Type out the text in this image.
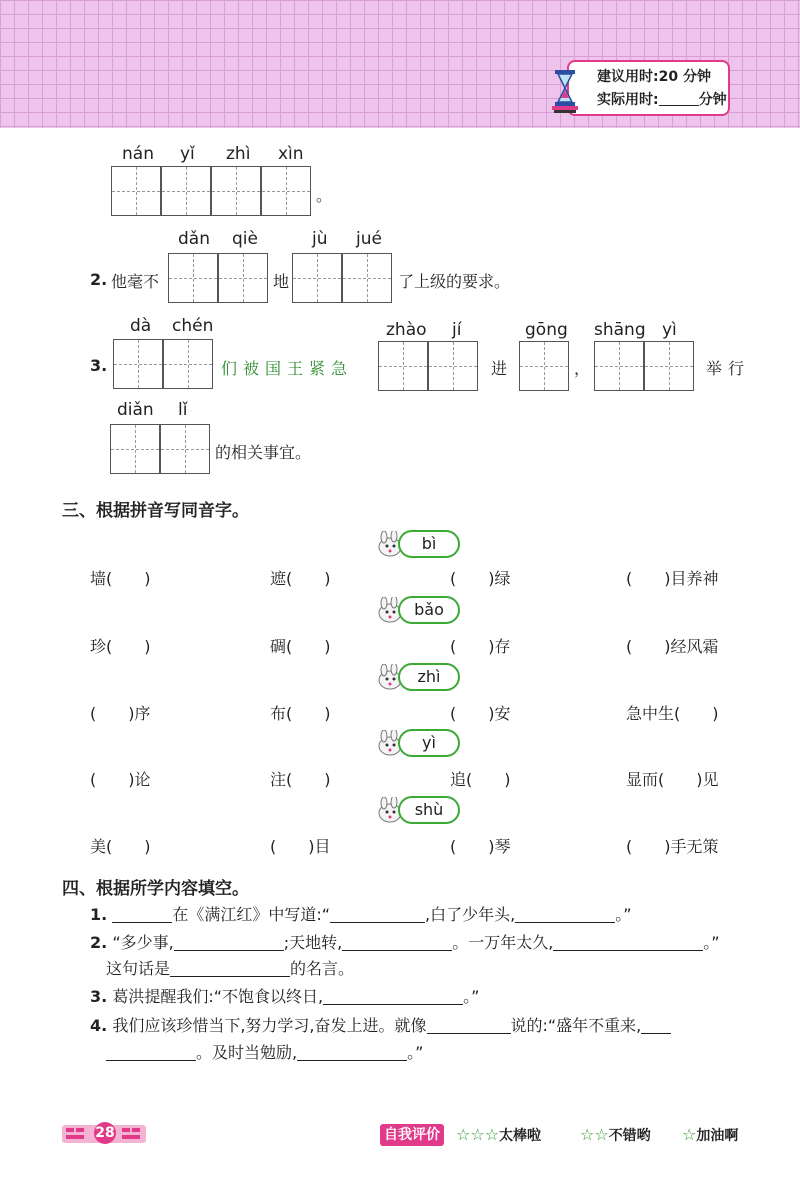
建议用时:20 分钟
实际用时:	分钟
nán yǐ zhì xìn
。
dǎn qiè	jù jué
2. 他毫不	地	了上级的要求。
dà chén	zhào jí	gōng shāng yì
3.	们被国王紧急	进	，	举行
diǎn lǐ
的相关事宜。
三、根据拼音写同音字。
bì
墙(　　)	遮(　　)	(　　)绿	(　　)目养神
bǎo
珍(　　)	碉(　　)	(　　)存	(　　)经风霜
zhì
(　　)序	布(　　)	(　　)安	急中生(　　)
yì
(　　)论	注(　　)	追(　　)	显而(　　)见
shù
美(　　)	(　　)目	(　　)琴	(　　)手无策
四、根据所学内容填空。
1.	在《满江红》中写道:“	,白了少年头,	。”
2. “多少事,	;天地转,	。一万年太久,	。”
这句话是	的名言。
3. 葛洪提醒我们:“不饱食以终日,	。”
4. 我们应该珍惜当下,努力学习,奋发上进。就像	说的:“盛年不重来,
。及时当勉励,	。”
28	自我评价 ☆☆☆太棒啦 ☆☆不错哟 ☆加油啊
